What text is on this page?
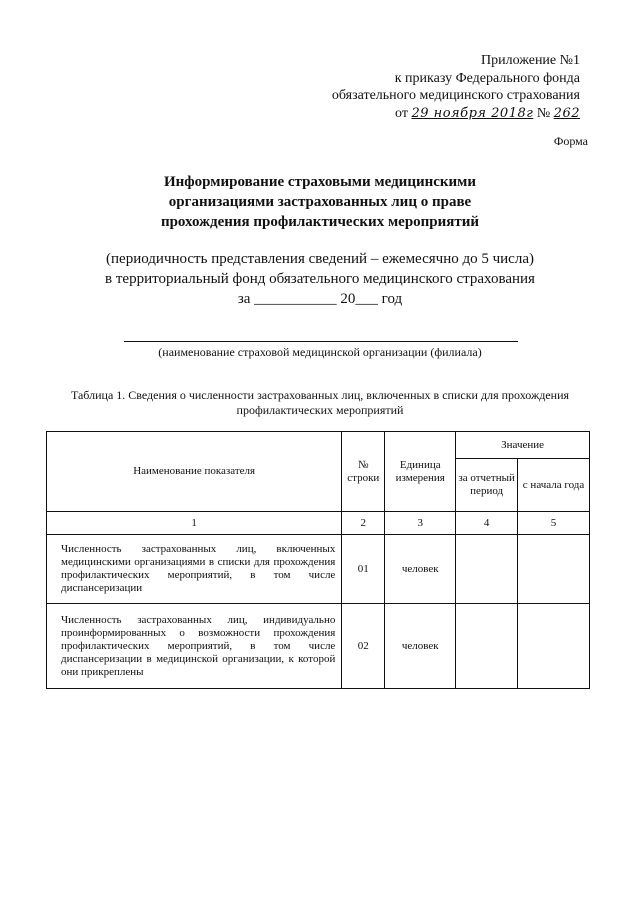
Приложение №1
к приказу Федерального фонда
обязательного медицинского страхования
от 29 ноября 2018г № 262
Форма
Информирование страховыми медицинскими
организациями застрахованных лиц о праве
прохождения профилактических мероприятий
(периодичность представления сведений – ежемесячно до 5 числа)
в территориальный фонд обязательного медицинского страхования
за ___________ 20___ год
(наименование страховой медицинской организации (филиала)
Таблица 1. Сведения о численности застрахованных лиц, включенных в списки для прохождения
профилактических мероприятий
Наименование показателя	№ строки	Единица измерения	Значение	
			за отчетный период	с начала года
1	2	3	4	5
Численность застрахованных лиц, включенных медицинскими организациями в списки для прохождения профилактических мероприятий, в том числе диспансеризации	01	человек		
Численность застрахованных лиц, индивидуально проинформированных о возможности прохождения профилактических мероприятий, в том числе диспансеризации в медицинской организации, к которой они прикреплены	02	человек		
